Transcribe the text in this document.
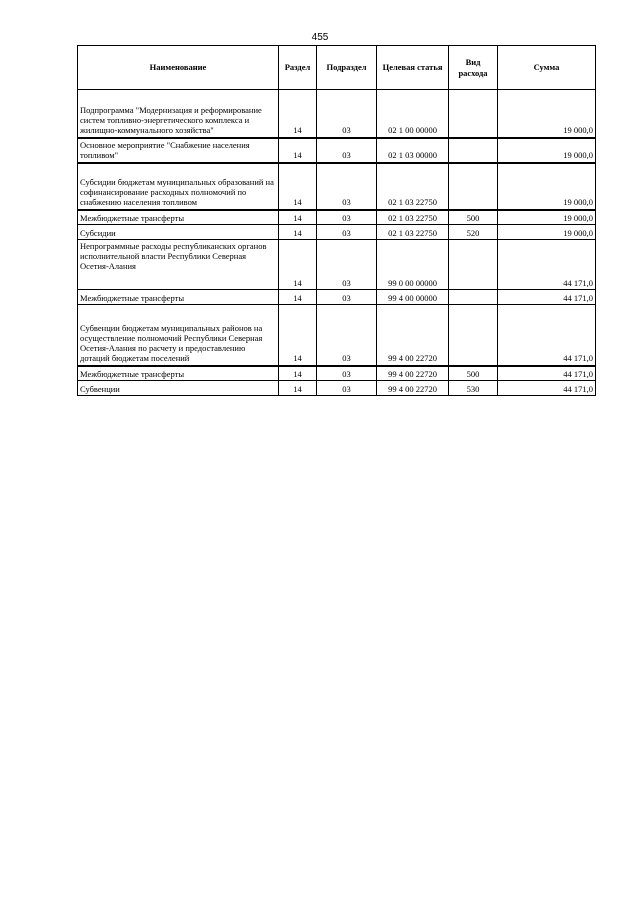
455
Наименование	Раздел	Подраздел	Целевая статья	Вид расхода	Сумма
Подпрограмма "Модернизация и реформирование систем топливно-энергетического комплекса и жилищно-коммунального хозяйства"	14	03	02 1 00 00000		19 000,0
Основное мероприятие "Снабжение населения топливом"	14	03	02 1 03 00000		19 000,0
Субсидии бюджетам муниципальных образований на софинансирование расходных полномочий по снабжению населения топливом	14	03	02 1 03 22750		19 000,0
Межбюджетные трансферты	14	03	02 1 03 22750	500	19 000,0
Субсидии	14	03	02 1 03 22750	520	19 000,0
Непрограммные расходы республиканских органов исполнительной власти Республики Северная Осетия-Алания	14	03	99 0 00 00000		44 171,0
Межбюджетные трансферты	14	03	99 4 00 00000		44 171,0
Субвенции бюджетам муниципальных районов на осуществление полномочий Республики Северная Осетия-Алания по расчету и предоставлению дотаций бюджетам поселений	14	03	99 4 00 22720		44 171,0
Межбюджетные трансферты	14	03	99 4 00 22720	500	44 171,0
Субвенции	14	03	99 4 00 22720	530	44 171,0
